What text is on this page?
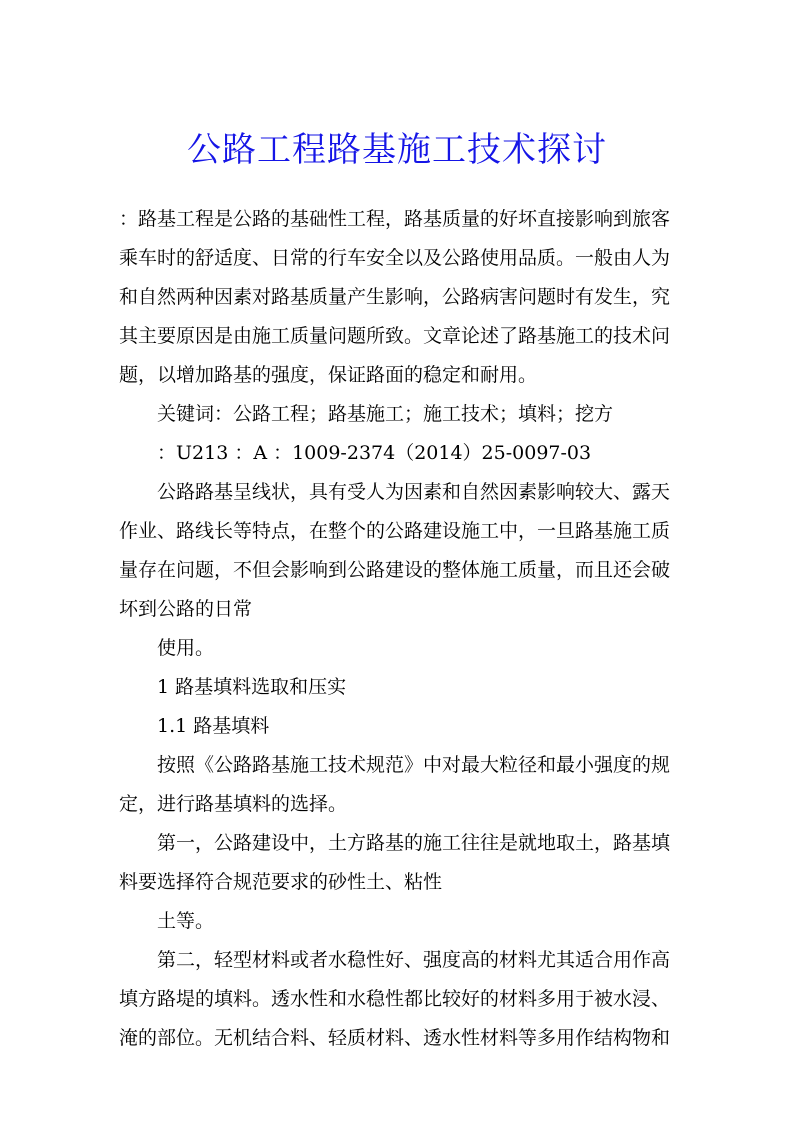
公路工程路基施工技术探讨
：路基工程是公路的基础性工程，路基质量的好坏直接影响到旅客
乘车时的舒适度、日常的行车安全以及公路使用品质。一般由人为
和自然两种因素对路基质量产生影响，公路病害问题时有发生，究
其主要原因是由施工质量问题所致。文章论述了路基施工的技术问
题，以增加路基的强度，保证路面的稳定和耐用。
关键词：公路工程；路基施工；施工技术；填料；挖方
：U213 ：A ：1009-2374（2014）25-0097-03
公路路基呈线状，具有受人为因素和自然因素影响较大、露天
作业、路线长等特点，在整个的公路建设施工中，一旦路基施工质
量存在问题，不但会影响到公路建设的整体施工质量，而且还会破
坏到公路的日常
使用。
1 路基填料选取和压实
1.1 路基填料
按照《公路路基施工技术规范》中对最大粒径和最小强度的规
定，进行路基填料的选择。
第一，公路建设中，土方路基的施工往往是就地取土，路基填
料要选择符合规范要求的砂性土、粘性
土等。
第二，轻型材料或者水稳性好、强度高的材料尤其适合用作高
填方路堤的填料。透水性和水稳性都比较好的材料多用于被水浸、
淹的部位。无机结合料、轻质材料、透水性材料等多用作结构物和
